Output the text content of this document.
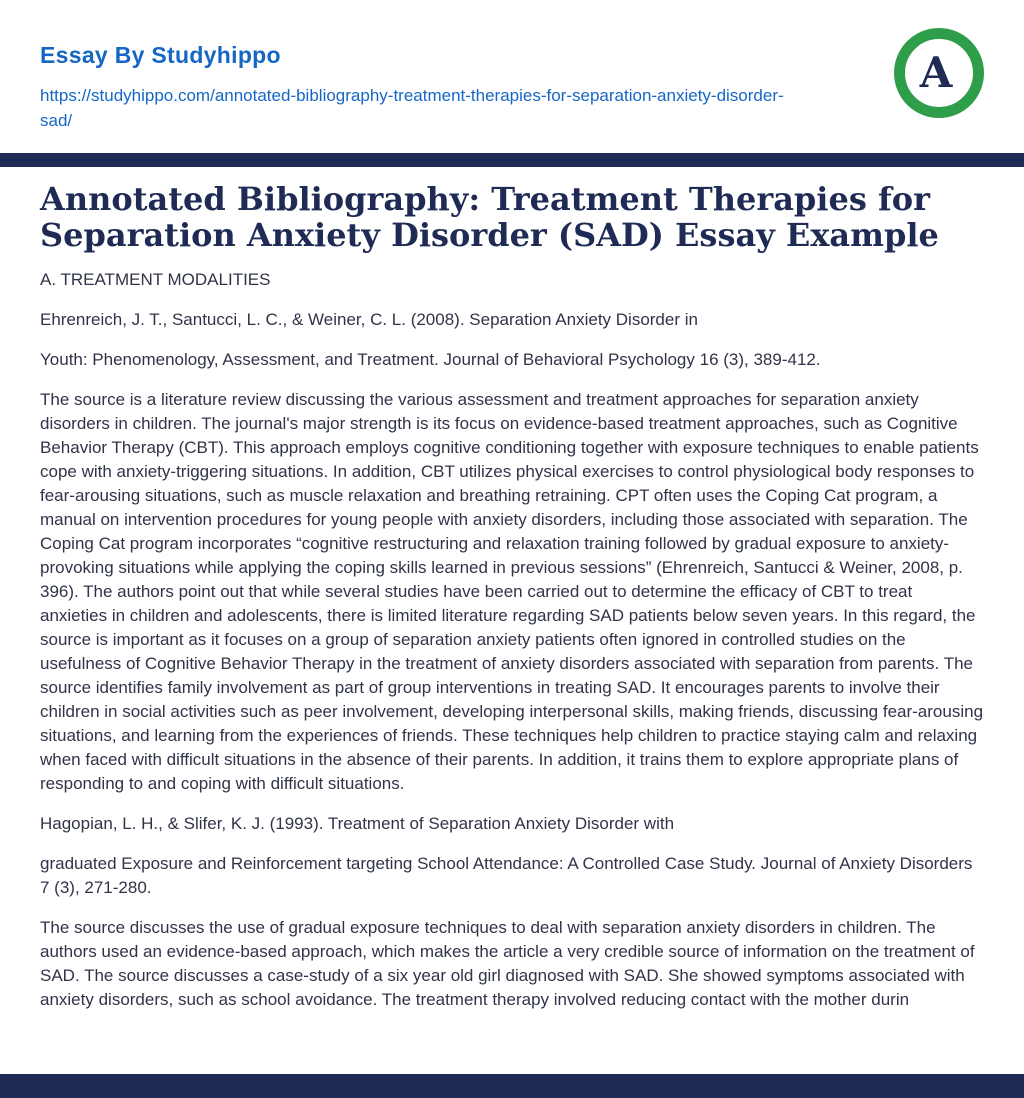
Essay By Studyhippo
https://studyhippo.com/annotated-bibliography-treatment-therapies-for-separation-anxiety-disorder-sad/
A
Annotated Bibliography: Treatment Therapies for
Separation Anxiety Disorder (SAD) Essay Example

A. TREATMENT MODALITIES

Ehrenreich, J. T., Santucci, L. C., & Weiner, C. L. (2008). Separation Anxiety Disorder in

Youth: Phenomenology, Assessment, and Treatment. Journal of Behavioral Psychology 16 (3), 389-412.

The source is a literature review discussing the various assessment and treatment approaches for separation anxiety disorders in children. The journal's major strength is its focus on evidence-based treatment approaches, such as Cognitive Behavior Therapy (CBT). This approach employs cognitive conditioning together with exposure techniques to enable patients cope with anxiety-triggering situations. In addition, CBT utilizes physical exercises to control physiological body responses to fear-arousing situations, such as muscle relaxation and breathing retraining. CPT often uses the Coping Cat program, a manual on intervention procedures for young people with anxiety disorders, including those associated with separation. The Coping Cat program incorporates “cognitive restructuring and relaxation training followed by gradual exposure to anxiety-provoking situations while applying the coping skills learned in previous sessions” (Ehrenreich, Santucci & Weiner, 2008, p. 396). The authors point out that while several studies have been carried out to determine the efficacy of CBT to treat anxieties in children and adolescents, there is limited literature regarding SAD patients below seven years. In this regard, the source is important as it focuses on a group of separation anxiety patients often ignored in controlled studies on the usefulness of Cognitive Behavior Therapy in the treatment of anxiety disorders associated with separation from parents. The source identifies family involvement as part of group interventions in treating SAD. It encourages parents to involve their children in social activities such as peer involvement, developing interpersonal skills, making friends, discussing fear-arousing situations, and learning from the experiences of friends. These techniques help children to practice staying calm and relaxing when faced with difficult situations in the absence of their parents. In addition, it trains them to explore appropriate plans of responding to and coping with difficult situations.

Hagopian, L. H., & Slifer, K. J. (1993). Treatment of Separation Anxiety Disorder with

graduated Exposure and Reinforcement targeting School Attendance: A Controlled Case Study. Journal of Anxiety Disorders 7 (3), 271-280.

The source discusses the use of gradual exposure techniques to deal with separation anxiety disorders in children. The authors used an evidence-based approach, which makes the article a very credible source of information on the treatment of SAD. The source discusses a case-study of a six year old girl diagnosed with SAD. She showed symptoms associated with anxiety disorders, such as school avoidance. The treatment therapy involved reducing contact with the mother durin
